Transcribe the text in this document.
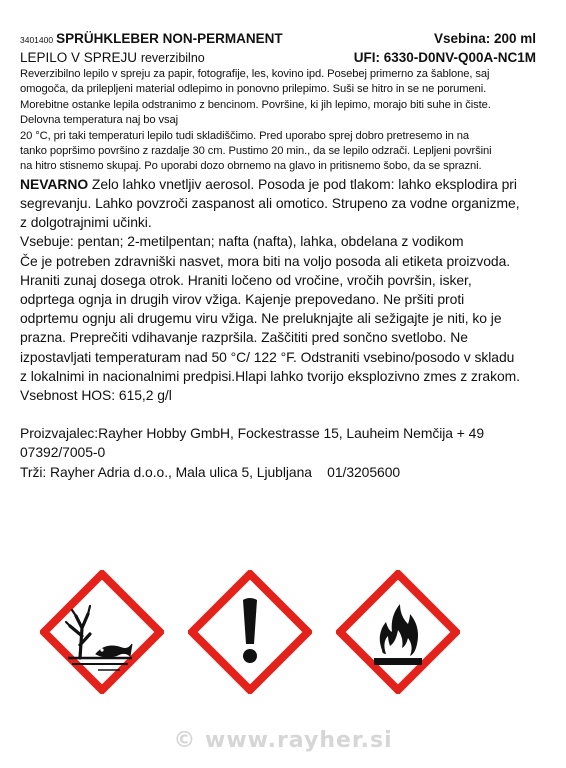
3401400 SPRÜHKLEBER NON-PERMANENT	Vsebina: 200 ml
LEPILO V SPREJU reverzibilno	UFI: 6330-D0NV-Q00A-NC1M
Reverzibilno lepilo v spreju za papir, fotografije, les, kovino ipd. Posebej primerno za šablone, saj
omogoča, da prilepljeni material odlepimo in ponovno prilepimo. Suši se hitro in se ne porumeni.
Morebitne ostanke lepila odstranimo z bencinom. Površine, ki jih lepimo, morajo biti suhe in čiste.
Delovna temperatura naj bo vsaj
20 °C, pri taki temperaturi lepilo tudi skladiščimo. Pred uporabo sprej dobro pretresemo in na
tanko popršimo površino z razdalje 30 cm. Pustimo 20 min., da se lepilo odzrači. Lepljeni površini
na hitro stisnemo skupaj. Po uporabi dozo obrnemo na glavo in pritisnemo šobo, da se sprazni.
NEVARNO Zelo lahko vnetljiv aerosol. Posoda je pod tlakom: lahko eksplodira pri
segrevanju. Lahko povzroči zaspanost ali omotico. Strupeno za vodne organizme,
z dolgotrajnimi učinki.
Vsebuje: pentan; 2-metilpentan; nafta (nafta), lahka, obdelana z vodikom
Če je potreben zdravniški nasvet, mora biti na voljo posoda ali etiketa proizvoda.
Hraniti zunaj dosega otrok. Hraniti ločeno od vročine, vročih površin, isker,
odprtega ognja in drugih virov vžiga. Kajenje prepovedano. Ne pršiti proti
odprtemu ognju ali drugemu viru vžiga. Ne preluknjajte ali sežigajte je niti, ko je
prazna. Preprečiti vdihavanje razpršila. Zaščititi pred sončno svetlobo. Ne
izpostavljati temperaturam nad 50 °C/ 122 °F. Odstraniti vsebino/posodo v skladu
z lokalnimi in nacionalnimi predpisi.Hlapi lahko tvorijo eksplozivno zmes z zrakom.
Vsebnost HOS: 615,2 g/l
Proizvajalec:Rayher Hobby GmbH, Fockestrasse 15, Lauheim Nemčija + 49
07392/7005-0
Trži: Rayher Adria d.o.o., Mala ulica 5, Ljubljana    01/3205600
© www.rayher.si
